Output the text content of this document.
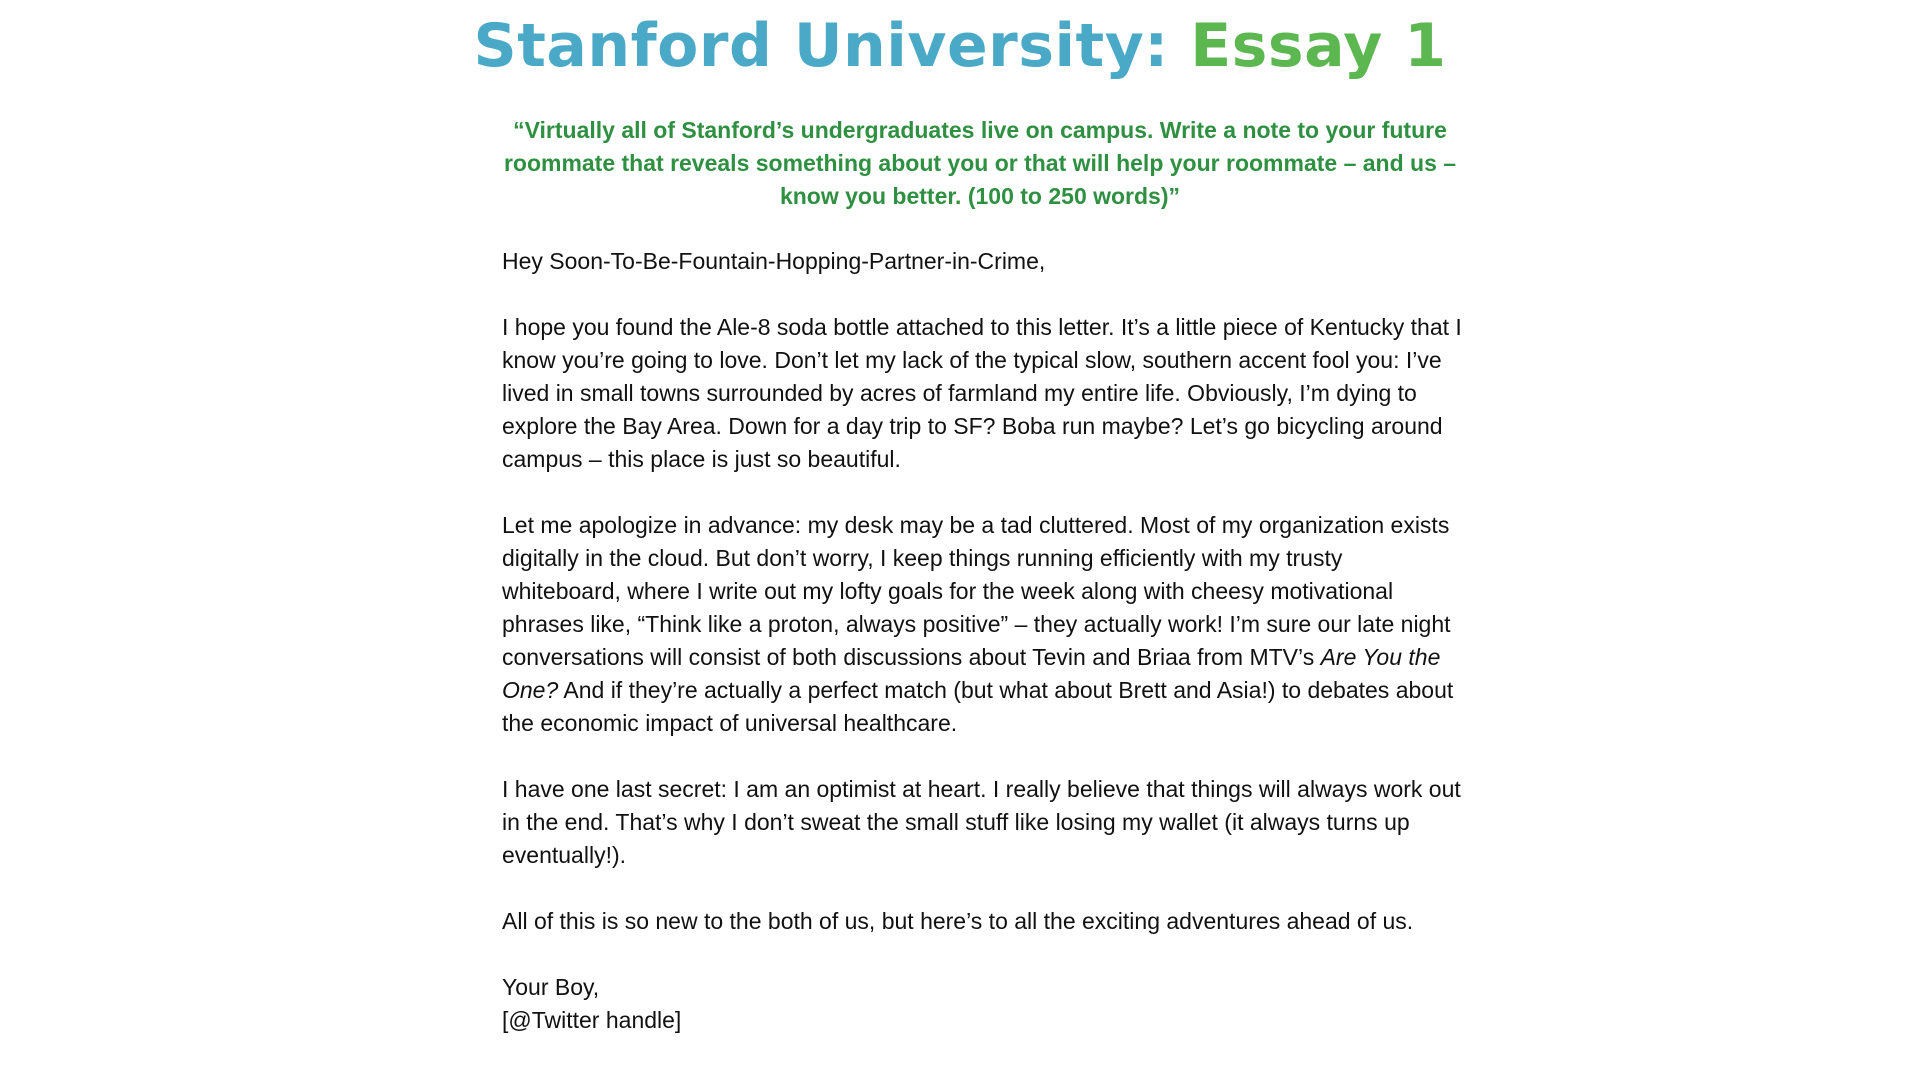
Stanford University: Essay 1
“Virtually all of Stanford’s undergraduates live on campus. Write a note to your future roommate that reveals something about you or that will help your roommate – and us – know you better. (100 to 250 words)”

Hey Soon-To-Be-Fountain-Hopping-Partner-in-Crime,

I hope you found the Ale-8 soda bottle attached to this letter. It’s a little piece of Kentucky that I know you’re going to love. Don’t let my lack of the typical slow, southern accent fool you: I’ve lived in small towns surrounded by acres of farmland my entire life. Obviously, I’m dying to explore the Bay Area. Down for a day trip to SF? Boba run maybe? Let’s go bicycling around campus – this place is just so beautiful.

Let me apologize in advance: my desk may be a tad cluttered. Most of my organization exists digitally in the cloud. But don’t worry, I keep things running efficiently with my trusty whiteboard, where I write out my lofty goals for the week along with cheesy motivational phrases like, “Think like a proton, always positive” – they actually work! I’m sure our late night conversations will consist of both discussions about Tevin and Briaa from MTV’s Are You the One? And if they’re actually a perfect match (but what about Brett and Asia!) to debates about the economic impact of universal healthcare.

I have one last secret: I am an optimist at heart. I really believe that things will always work out in the end. That’s why I don’t sweat the small stuff like losing my wallet (it always turns up eventually!).

All of this is so new to the both of us, but here’s to all the exciting adventures ahead of us.

Your Boy,
[@Twitter handle]
